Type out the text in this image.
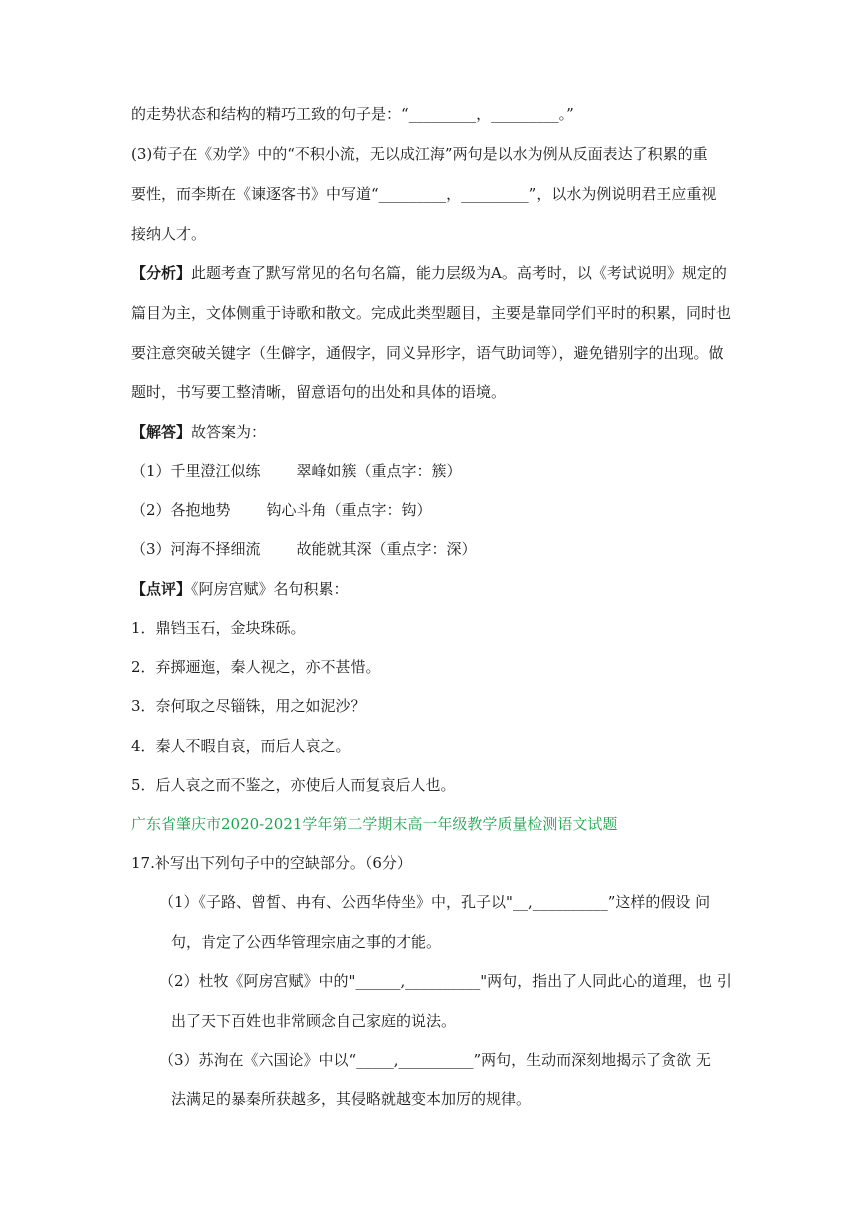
的走势状态和结构的精巧工致的句子是：“_________，_________。”
(3)荀子在《劝学》中的“不积小流，无以成江海”两句是以水为例从反面表达了积累的重
要性，而李斯在《谏逐客书》中写道“_________，_________”，以水为例说明君王应重视
接纳人才。
【分析】此题考查了默写常见的名句名篇，能力层级为A。高考时，以《考试说明》规定的
篇目为主，文体侧重于诗歌和散文。完成此类型题目，主要是靠同学们平时的积累，同时也
要注意突破关键字（生僻字，通假字，同义异形字，语气助词等），避免错别字的出现。做
题时，书写要工整清晰，留意语句的出处和具体的语境。
【解答】故答案为：
（1）千里澄江似练 翠峰如簇（重点字：簇）
（2）各抱地势 钩心斗角（重点字：钩）
（3）河海不择细流 故能就其深（重点字：深）
【点评】《阿房宫赋》名句积累：
1．鼎铛玉石，金块珠砾。
2．弃掷逦迤，秦人视之，亦不甚惜。
3．奈何取之尽锱铢，用之如泥沙？
4．秦人不暇自哀，而后人哀之。
5．后人哀之而不鉴之，亦使后人而复哀后人也。
广东省肇庆市2020-2021学年第二学期末高一年级教学质量检测语文试题
17.补写出下列句子中的空缺部分。（6分）
（1）《子路、曾皙、冉有、公西华侍坐》中，孔子以"__,__________”这样的假设 问
句，肯定了公西华管理宗庙之事的才能。
（2）杜牧《阿房宫赋》中的"______,__________"两句，指出了人同此心的道理，也 引
出了天下百姓也非常顾念自己家庭的说法。
（3）苏洵在《六国论》中以“_____,__________”两句，生动而深刻地揭示了贪欲 无
法满足的暴秦所获越多，其侵略就越变本加厉的规律。
